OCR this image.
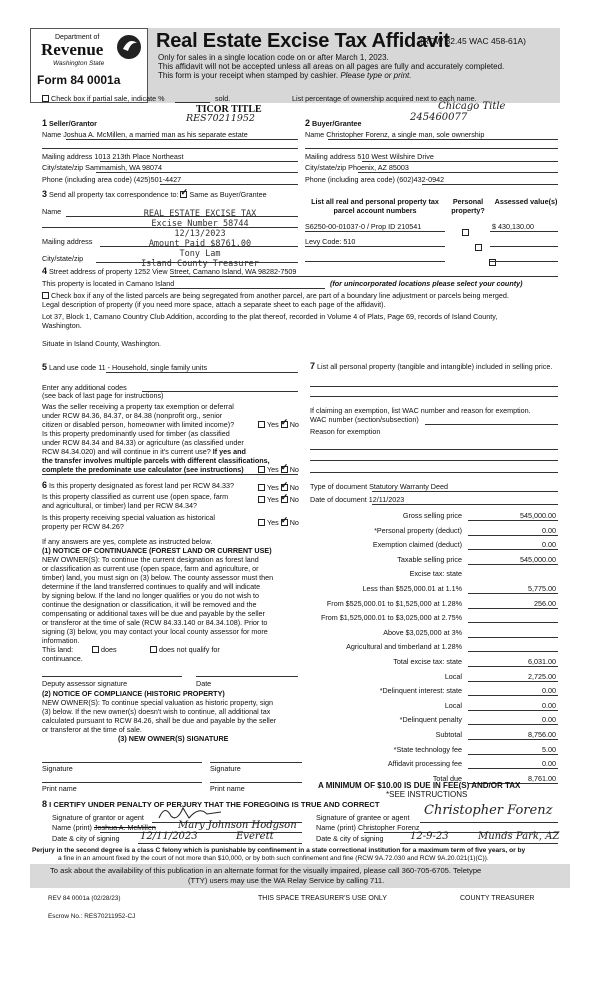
Department of
Revenue
Washington State
Form 84 0001a
Real Estate Excise Tax Affidavit
(RCW 82.45 WAC 458-61A)
Only for sales in a single location code on or after March 1, 2023.
This affidavit will not be accepted unless all areas on all pages are fully and accurately completed.
This form is your receipt when stamped by cashier. Please type or print.
Check box if partial sale, indicate %	sold.	List percentage of ownership acquired next to each name.
TICOR TITLE
RES70211952
Chicago Title
245460077
1 Seller/Grantor
Name Joshua A. McMillen, a married man as his separate estate
Mailing address 1013 213th Place Northeast
City/state/zip Sammamish, WA 98074
Phone (including area code) (425)501-4427
2 Buyer/Grantee
Name Christopher Forenz, a single man, sole ownership
Mailing address 510 West Wilshire Drive
City/state/zip Phoenix, AZ 85003
Phone (including area code) (602)432-0942
3 Send all property tax correspondence to: ✓ Same as Buyer/Grantee
Name
Mailing address
City/state/zip
REAL ESTATE EXCISE TAX
Excise Number 58744
12/13/2023
Amount Paid $8761.00
Tony Lam
Island County Treasurer
List all real and personal property tax parcel account numbers
Personal property?
Assessed value(s)
S6250-00-01037-0 / Prop ID 210541
	$ 430,130.00
Levy Code: 510

4 Street address of property 1252 View Street, Camano Island, WA 98282-7509
This property is located in Camano Island	(for unincorporated locations please select your county)
Check box if any of the listed parcels are being segregated from another parcel, are part of a boundary line adjustment or parcels being merged.
Legal description of property (if you need more space, attach a separate sheet to each page of the affidavit).
Lot 37, Block 1, Camano Country Club Addition, according to the plat thereof, recorded in Volume 4 of Plats, Page 69, records of Island County,
Washington.
Situate in Island County, Washington.
5 Land use code 11 - Household, single family units
Enter any additional codes
(see back of last page for instructions)
Was the seller receiving a property tax exemption or deferral
under RCW 84.36, 84.37, or 84.38 (nonprofit org., senior
citizen or disabled person, homeowner with limited income)?	Yes ✓ No
Is this property predominantly used for timber (as classified
under RCW 84.34 and 84.33) or agriculture (as classified under
RCW 84.34.020) and will continue in it's current use? If yes and
the transfer involves multiple parcels with different classifications,
complete the predominate use calculator (see instructions)	Yes ✓ No
6 Is this property designated as forest land per RCW 84.33?	Yes ✓ No
Is this property classified as current use (open space, farm
and agricultural, or timber) land per RCW 84.34?
Yes ✓ No
Is this property receiving special valuation as historical
property per RCW 84.26?	Yes ✓ No
If any answers are yes, complete as instructed below.
(1) NOTICE OF CONTINUANCE (FOREST LAND OR CURRENT USE)
NEW OWNER(S): To continue the current designation as forest land
or classification as current use (open space, farm and agriculture, or
timber) land, you must sign on (3) below. The county assessor must then
determine if the land transferred continues to qualify and will indicate
by signing below. If the land no longer qualifies or you do not wish to
continue the designation or classification, it will be removed and the
compensating or additional taxes will be due and payable by the seller
or transferor at the time of sale (RCW 84.33.140 or 84.34.108). Prior to
signing (3) below, you may contact your local county assessor for more
information.
This land:	does	does not qualify for
continuance.
Deputy assessor signature	Date
(2) NOTICE OF COMPLIANCE (HISTORIC PROPERTY)
NEW OWNER(S): To continue special valuation as historic property, sign
(3) below. If the new owner(s) doesn't wish to continue, all additional tax
calculated pursuant to RCW 84.26, shall be due and payable by the seller
or transferor at the time of sale.
(3) NEW OWNER(S) SIGNATURE
Signature	Signature
Print name	Print name
7 List all personal property (tangible and intangible) included in selling price.
If claiming an exemption, list WAC number and reason for exemption.
WAC number (section/subsection)
Reason for exemption
Type of document Statutory Warranty Deed
Date of document 12/11/2023
Gross selling price	545,000.00
*Personal property (deduct)	0.00
Exemption claimed (deduct)	0.00
Taxable selling price	545,000.00
Excise tax: state
Less than $525,000.01 at 1.1%	5,775.00
From $525,000.01 to $1,525,000 at 1.28%	256.00
From $1,525,000.01 to $3,025,000 at 2.75%
Above $3,025,000 at 3%
Agricultural and timberland at 1.28%
Total excise tax: state	6,031.00
Local	2,725.00
*Delinquent interest: state	0.00
Local	0.00
*Delinquent penalty	0.00
Subtotal	8,756.00
*State technology fee	5.00
Affidavit processing fee	0.00
Total due	8,761.00
A MINIMUM OF $10.00 IS DUE IN FEE(S) AND/OR TAX
*SEE INSTRUCTIONS
8 I CERTIFY UNDER PENALTY OF PERJURY THAT THE FOREGOING IS TRUE AND CORRECT
Signature of grantor or agent
Name (print) Joshua A. McMillen Mary Johnson Hodgson
Date & city of signing 12/11/2023	Everett
Signature of grantee or agent Christopher Forenz
Name (print) Christopher Forenz
Date & city of signing	12-9-23	Munds Park, AZ
Perjury in the second degree is a class C felony which is punishable by confinement in a state correctional institution for a maximum term of five years, or by
a fine in an amount fixed by the court of not more than $10,000, or by both such confinement and fine (RCW 9A.72.030 and RCW 9A.20.021(1)(C)).
To ask about the availability of this publication in an alternate format for the visually impaired, please call 360-705-6705. Teletype
(TTY) users may use the WA Relay Service by calling 711.
REV 84 0001a (02/28/23)	THIS SPACE TREASURER'S USE ONLY	COUNTY TREASURER
Escrow No.: RES70211952-CJ
